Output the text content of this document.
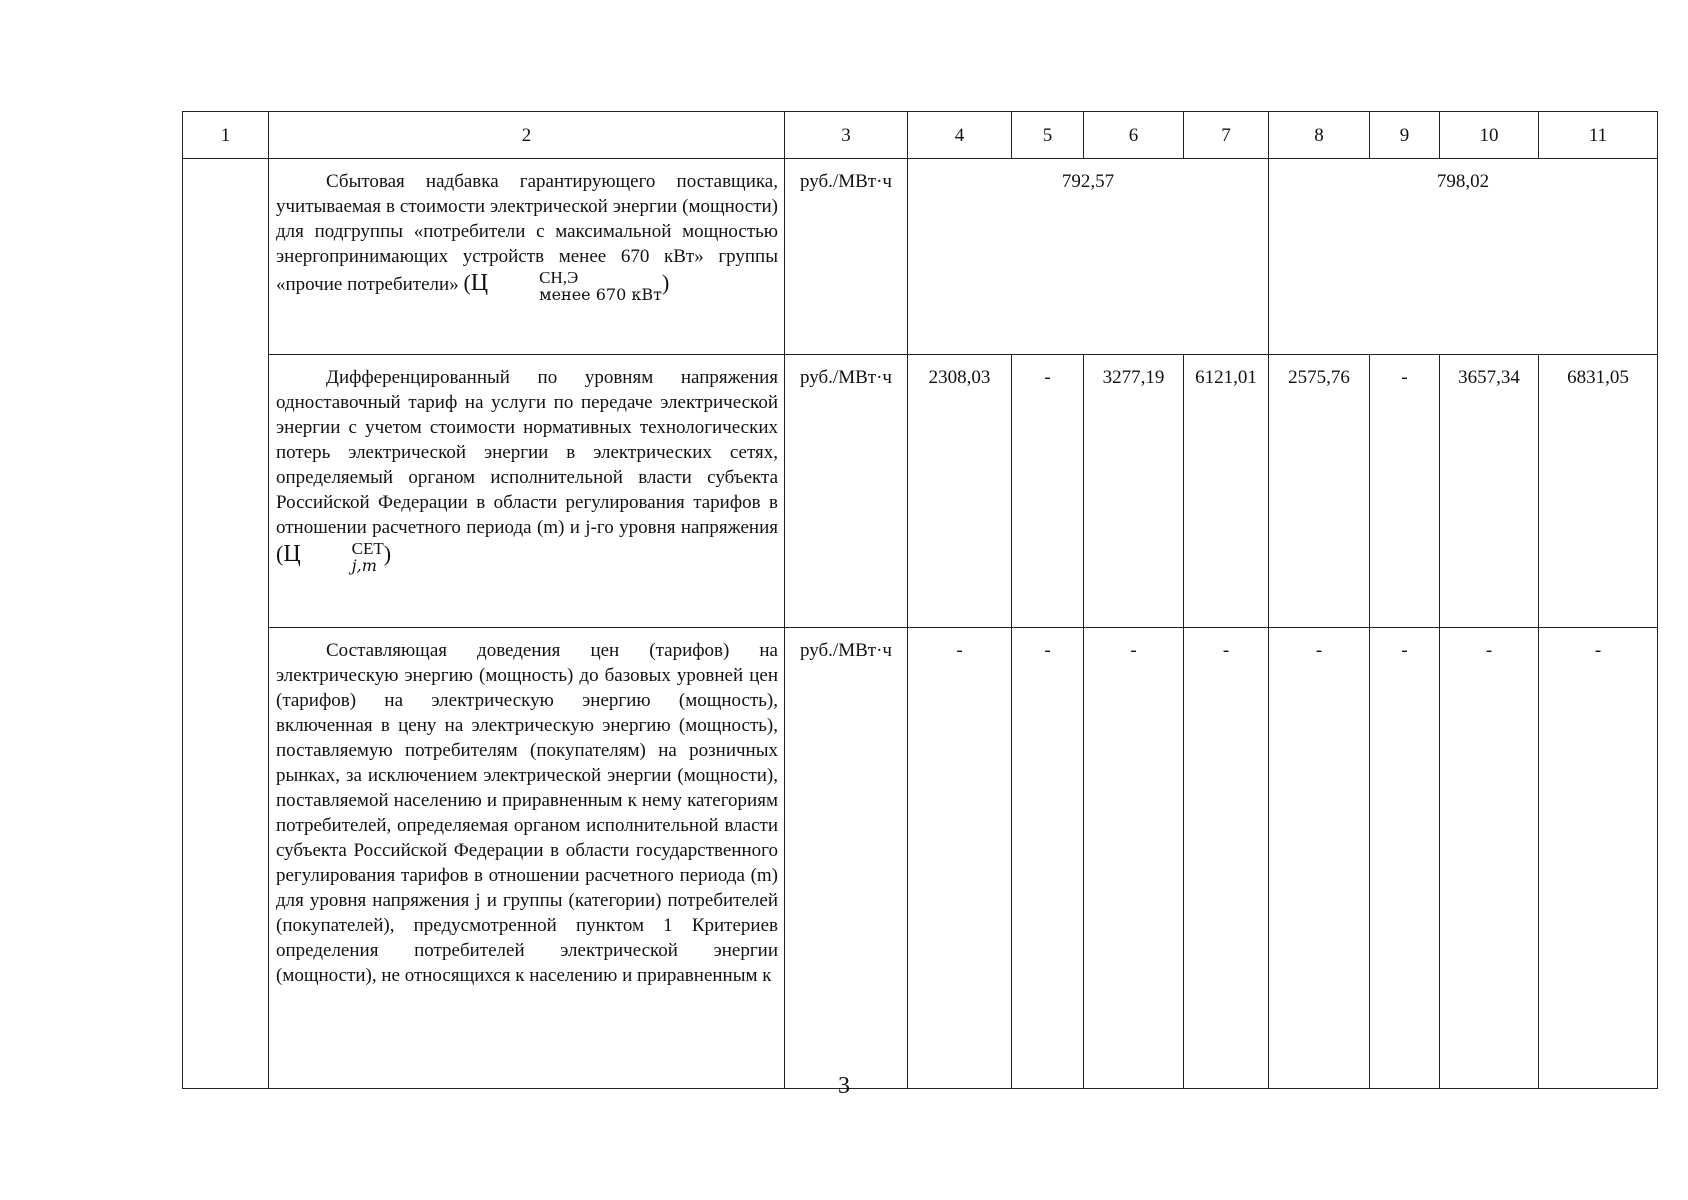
1	2	3	4	5	6	7	8	9	10	11

	Сбытовая надбавка гарантирующего поставщика, учитываемая в стоимости электрической энергии (мощности) для подгруппы «потребители с максимальной мощностью энергопринимающих устройств менее 670 кВт» группы «прочие потребители» (Ц СН,Э
менее 670 кВт )	руб./МВт·ч	792,57				798,02			

	Дифференцированный по уровням напряжения одноставочный тариф на услуги по передаче электрической энергии с учетом стоимости нормативных технологических потерь электрической энергии в электрических сетях, определяемый органом исполнительной власти субъекта Российской Федерации в области регулирования тарифов в отношении расчетного периода (m) и j-го уровня напряжения (Ц СЕТ
j,m )	руб./МВт·ч	2308,03	-	3277,19	6121,01	2575,76	-	3657,34	6831,05

	Составляющая доведения цен (тарифов) на электрическую энергию (мощность) до базовых уровней цен (тарифов) на электрическую энергию (мощность), включенная в цену на электрическую энергию (мощность), поставляемую потребителям (покупателям) на розничных рынках, за исключением электрической энергии (мощности), поставляемой населению и приравненным к нему категориям потребителей, определяемая органом исполнительной власти субъекта Российской Федерации в области государственного регулирования тарифов в отношении расчетного периода (m) для уровня напряжения j и группы (категории) потребителей (покупателей), предусмотренной пунктом 1 Критериев определения потребителей электрической энергии (мощности), не относящихся к населению и приравненным к	руб./МВт·ч	-	-	-	-	-	-	-	-
3
